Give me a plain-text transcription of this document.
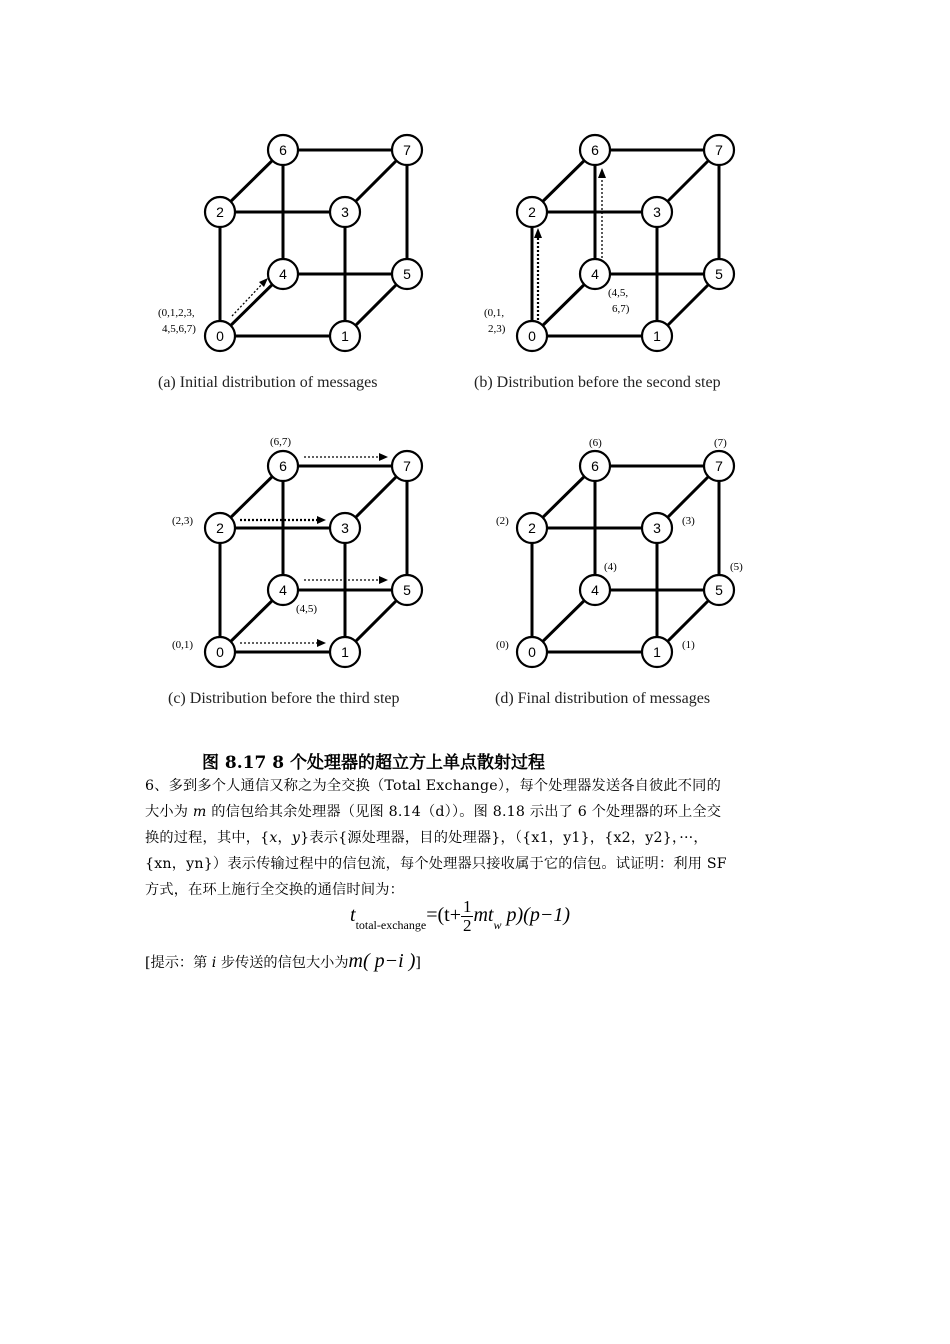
7
6
5
4
3
2
1
0
(0,1,2,3,
4,5,6,7)
7
6
5
4
3
2
1
0
(0,1,
2,3)
(4,5,
6,7)
7
6
5
4
3
2
1
0
(6,7)
(2,3)
(4,5)
(0,1)
7
6
5
4
3
2
1
0
(6)	(7)
(2)	(3)
(4)	(5)
(0)	(1)
(a) Initial distribution of messages	(b) Distribution before the second step
(c) Distribution before the third step	(d) Final distribution of messages
图 8.17 8 个处理器的超立方上单点散射过程
6、多到多个人通信又称之为全交换（Total Exchange），每个处理器发送各自彼此不同的
大小为 m 的信包给其余处理器（见图 8.14（d））。图 8.18 示出了 6 个处理器的环上全交
换的过程，其中，{x，y}表示{源处理器，目的处理器}，（{x1，y1}，{x2，y2}，···，
{xn，yn}）表示传输过程中的信包流，每个处理器只接收属于它的信包。试证明：利用 SF
方式，在环上施行全交换的通信时间为：
$t_{total-exchange}=(t+ \frac{1}{2} mt_w$ p)(p−1)
[提示：第 i 步传送的信包大小为m( p−i )]
